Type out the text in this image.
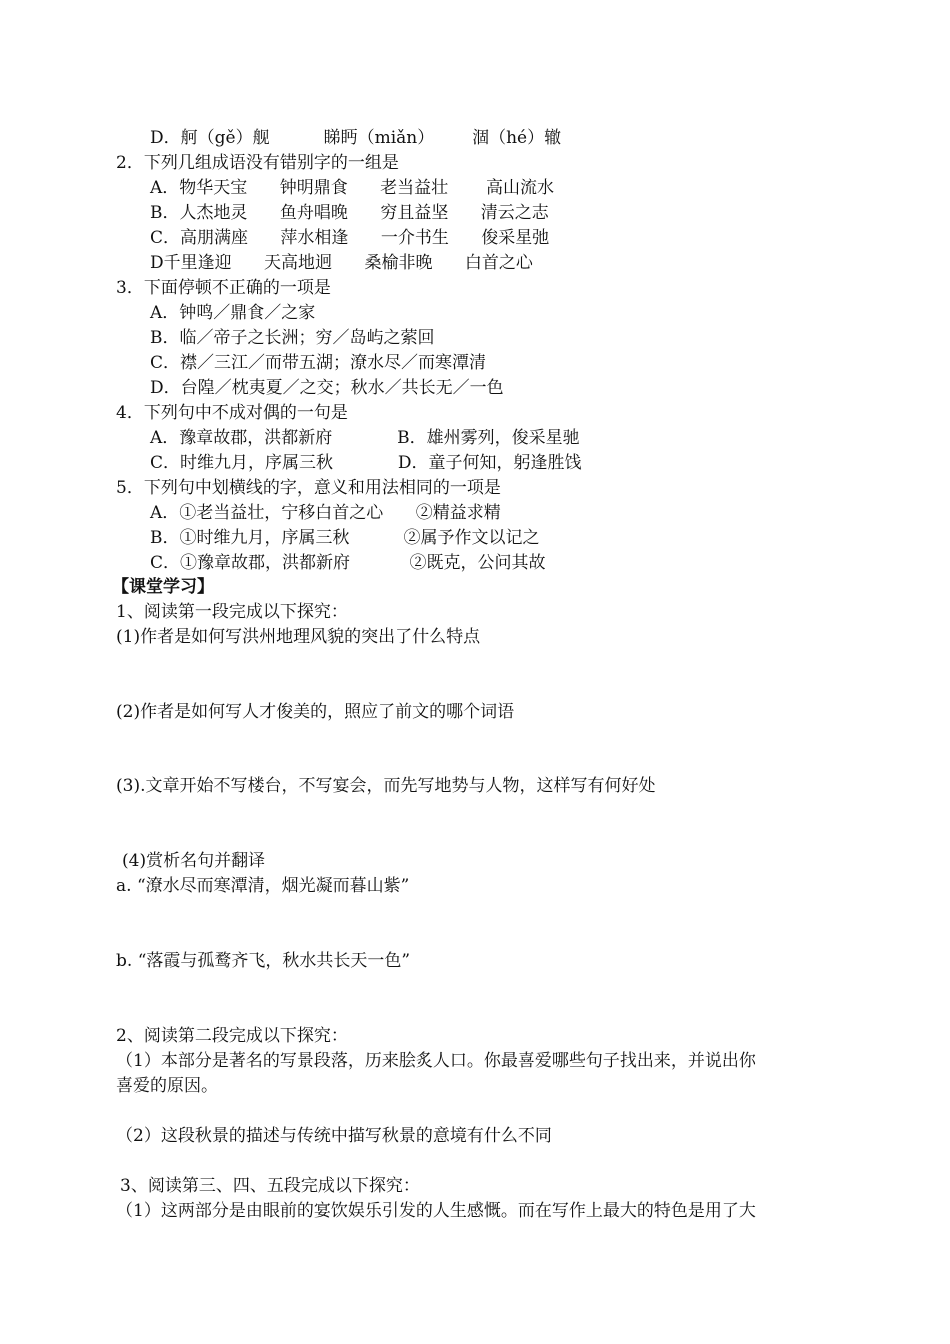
D．舸（gě）舰          睇眄（miǎn）       涸（hé）辙
2．下列几组成语没有错别字的一组是
A．物华天宝      钟明鼎食      老当益壮       高山流水
B．人杰地灵      鱼舟唱晚      穷且益坚      清云之志
C．高朋满座      萍水相逢      一介书生      俊采星弛
D千里逢迎      天高地迥      桑榆非晚      白首之心
3．下面停顿不正确的一项是
A．钟鸣／鼎食／之家
B．临／帝子之长洲；穷／岛屿之萦回
C．襟／三江／而带五湖；潦水尽／而寒潭清
D．台隍／枕夷夏／之交；秋水／共长无／一色
4．下列句中不成对偶的一句是
A．豫章故郡，洪都新府            B．雄州雾列，俊采星驰
C．时维九月，序属三秋            D．童子何知，躬逢胜饯
5．下列句中划横线的字，意义和用法相同的一项是
A．①老当益壮，宁移白首之心      ②精益求精
B．①时维九月，序属三秋          ②属予作文以记之
C．①豫章故郡，洪都新府           ②既克，公问其故
【课堂学习】
1、阅读第一段完成以下探究：
(1)作者是如何写洪州地理风貌的突出了什么特点
(2)作者是如何写人才俊美的，照应了前文的哪个词语
(3).文章开始不写楼台，不写宴会，而先写地势与人物，这样写有何好处
(4)赏析名句并翻译
a. “潦水尽而寒潭清，烟光凝而暮山紫”
b. “落霞与孤鹜齐飞，秋水共长天一色”
2、阅读第二段完成以下探究：
（1）本部分是著名的写景段落，历来脍炙人口。你最喜爱哪些句子找出来，并说出你
喜爱的原因。
（2）这段秋景的描述与传统中描写秋景的意境有什么不同
3、阅读第三、四、五段完成以下探究：
（1）这两部分是由眼前的宴饮娱乐引发的人生感慨。而在写作上最大的特色是用了大
